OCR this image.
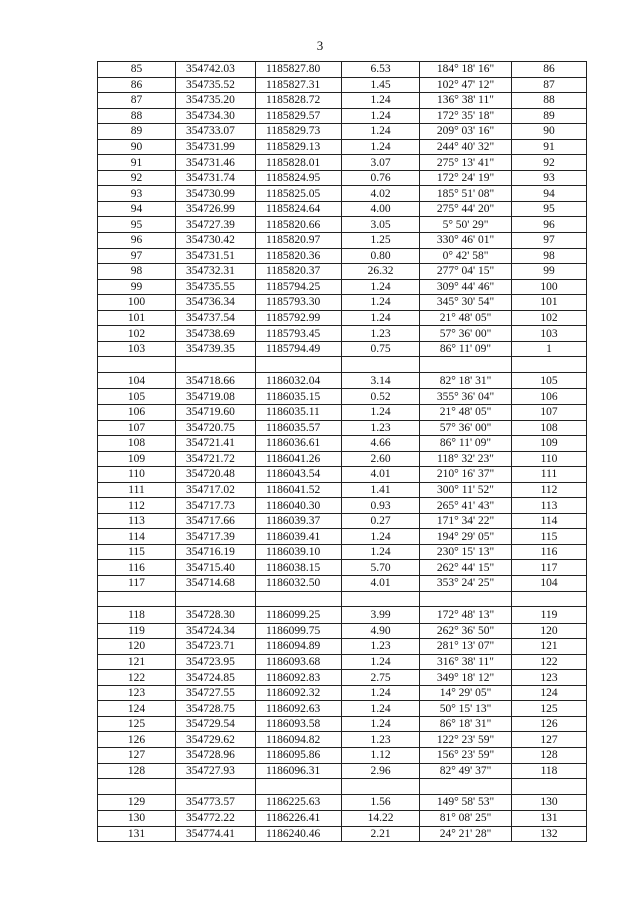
3
85	354742.03	1185827.80	6.53	184° 18' 16"	86
86	354735.52	1185827.31	1.45	102° 47' 12"	87
87	354735.20	1185828.72	1.24	136° 38' 11"	88
88	354734.30	1185829.57	1.24	172° 35' 18"	89
89	354733.07	1185829.73	1.24	209° 03' 16"	90
90	354731.99	1185829.13	1.24	244° 40' 32"	91
91	354731.46	1185828.01	3.07	275° 13' 41"	92
92	354731.74	1185824.95	0.76	172° 24' 19"	93
93	354730.99	1185825.05	4.02	185° 51' 08"	94
94	354726.99	1185824.64	4.00	275° 44' 20"	95
95	354727.39	1185820.66	3.05	5° 50' 29"	96
96	354730.42	1185820.97	1.25	330° 46' 01"	97
97	354731.51	1185820.36	0.80	0° 42' 58"	98
98	354732.31	1185820.37	26.32	277° 04' 15"	99
99	354735.55	1185794.25	1.24	309° 44' 46"	100
100	354736.34	1185793.30	1.24	345° 30' 54"	101
101	354737.54	1185792.99	1.24	21° 48' 05"	102
102	354738.69	1185793.45	1.23	57° 36' 00"	103
103	354739.35	1185794.49	0.75	86° 11' 09"	1

104	354718.66	1186032.04	3.14	82° 18' 31"	105
105	354719.08	1186035.15	0.52	355° 36' 04"	106
106	354719.60	1186035.11	1.24	21° 48' 05"	107
107	354720.75	1186035.57	1.23	57° 36' 00"	108
108	354721.41	1186036.61	4.66	86° 11' 09"	109
109	354721.72	1186041.26	2.60	118° 32' 23"	110
110	354720.48	1186043.54	4.01	210° 16' 37"	111
111	354717.02	1186041.52	1.41	300° 11' 52"	112
112	354717.73	1186040.30	0.93	265° 41' 43"	113
113	354717.66	1186039.37	0.27	171° 34' 22"	114
114	354717.39	1186039.41	1.24	194° 29' 05"	115
115	354716.19	1186039.10	1.24	230° 15' 13"	116
116	354715.40	1186038.15	5.70	262° 44' 15"	117
117	354714.68	1186032.50	4.01	353° 24' 25"	104

118	354728.30	1186099.25	3.99	172° 48' 13"	119
119	354724.34	1186099.75	4.90	262° 36' 50"	120
120	354723.71	1186094.89	1.23	281° 13' 07"	121
121	354723.95	1186093.68	1.24	316° 38' 11"	122
122	354724.85	1186092.83	2.75	349° 18' 12"	123
123	354727.55	1186092.32	1.24	14° 29' 05"	124
124	354728.75	1186092.63	1.24	50° 15' 13"	125
125	354729.54	1186093.58	1.24	86° 18' 31"	126
126	354729.62	1186094.82	1.23	122° 23' 59"	127
127	354728.96	1186095.86	1.12	156° 23' 59"	128
128	354727.93	1186096.31	2.96	82° 49' 37"	118

129	354773.57	1186225.63	1.56	149° 58' 53"	130
130	354772.22	1186226.41	14.22	81° 08' 25"	131
131	354774.41	1186240.46	2.21	24° 21' 28"	132
